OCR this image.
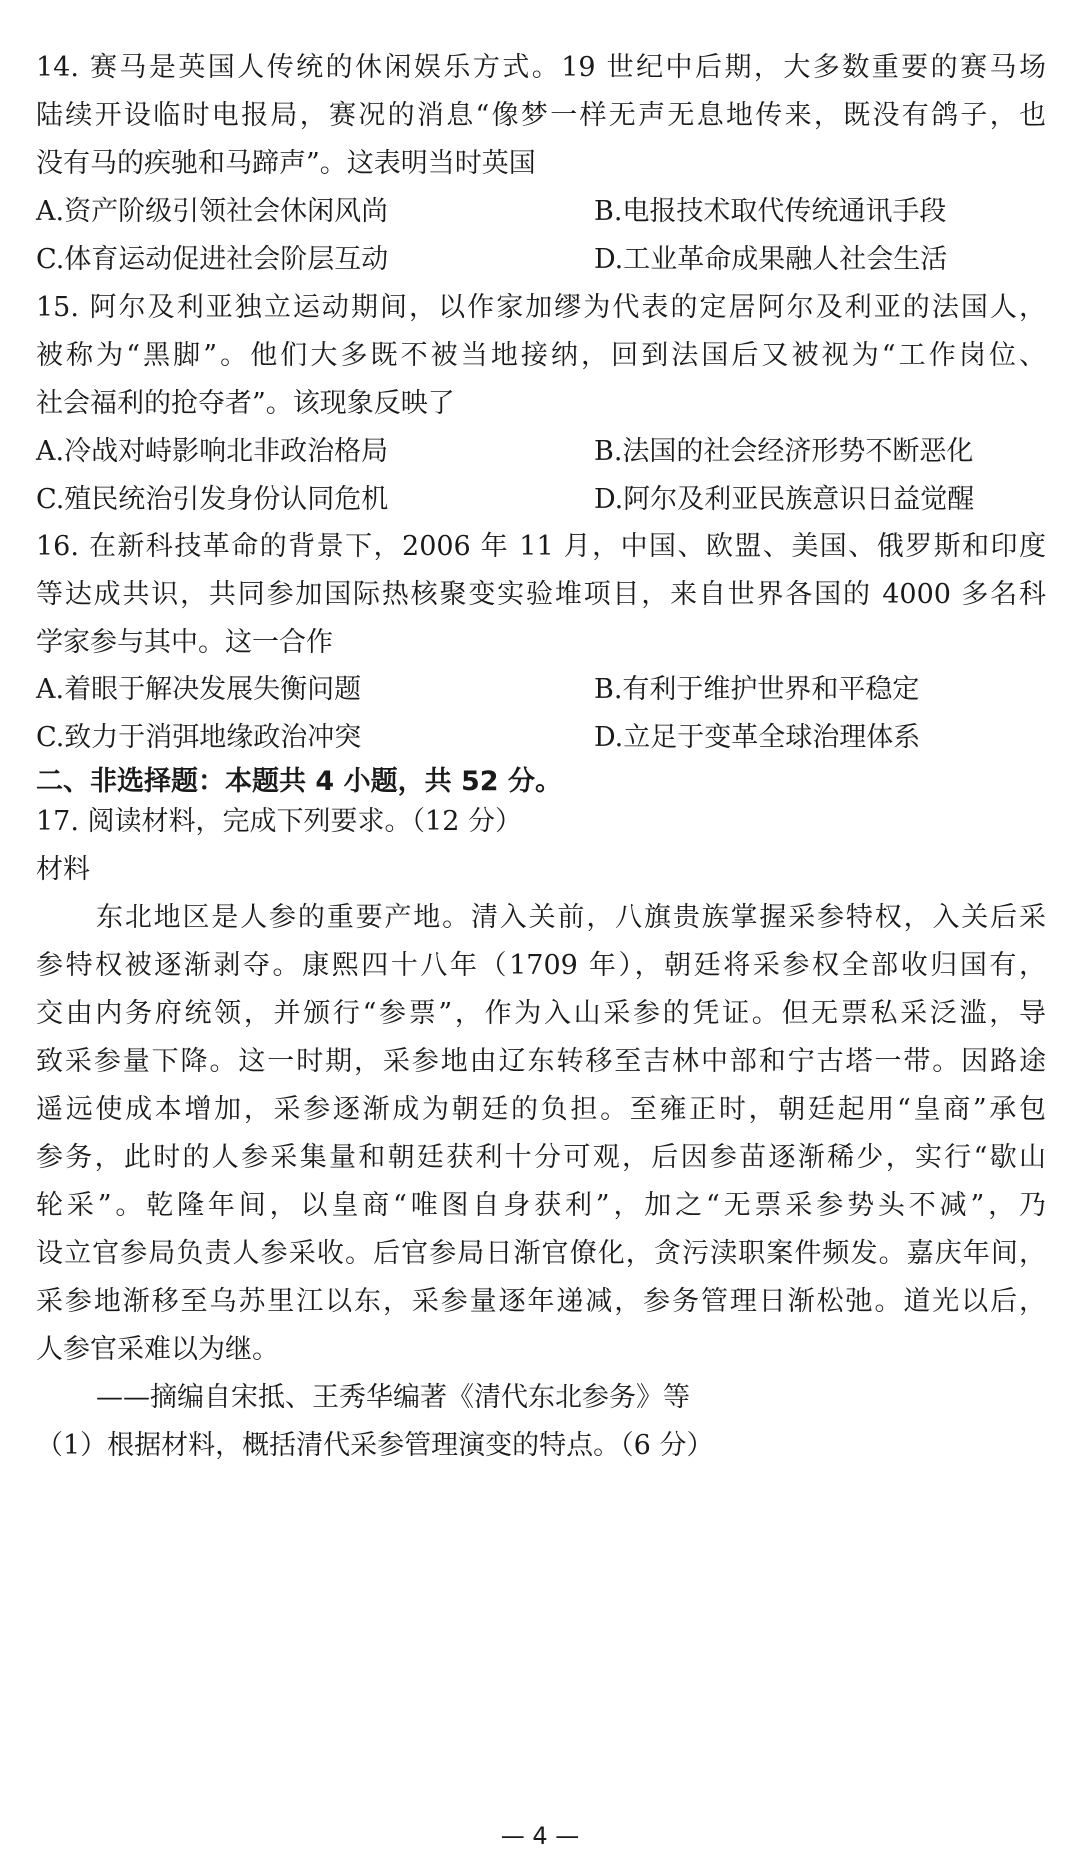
14. 赛马是英国人传统的休闲娱乐方式。19 世纪中后期，大多数重要的赛马场
陆续开设临时电报局，赛况的消息“像梦一样无声无息地传来，既没有鸽子，也
没有马的疾驰和马蹄声”。这表明当时英国
A.资产阶级引领社会休闲风尚	B.电报技术取代传统通讯手段
C.体育运动促进社会阶层互动	D.工业革命成果融人社会生活
15. 阿尔及利亚独立运动期间，以作家加缪为代表的定居阿尔及利亚的法国人，
被称为“黑脚”。他们大多既不被当地接纳，回到法国后又被视为“工作岗位、
社会福利的抢夺者”。该现象反映了
A.冷战对峙影响北非政治格局	B.法国的社会经济形势不断恶化
C.殖民统治引发身份认同危机	D.阿尔及利亚民族意识日益觉醒
16. 在新科技革命的背景下，2006 年 11 月，中国、欧盟、美国、俄罗斯和印度
等达成共识，共同参加国际热核聚变实验堆项目，来自世界各国的 4000 多名科
学家参与其中。这一合作
A.着眼于解决发展失衡问题	B.有利于维护世界和平稳定
C.致力于消弭地缘政治冲突	D.立足于变革全球治理体系
二、非选择题：本题共 4 小题，共 52 分。
17. 阅读材料，完成下列要求。（12 分）
材料
东北地区是人参的重要产地。清入关前，八旗贵族掌握采参特权，入关后采
参特权被逐渐剥夺。康熙四十八年（1709 年），朝廷将采参权全部收归国有，
交由内务府统领，并颁行“参票”，作为入山采参的凭证。但无票私采泛滥，导
致采参量下降。这一时期，采参地由辽东转移至吉林中部和宁古塔一带。因路途
遥远使成本增加，采参逐渐成为朝廷的负担。至雍正时，朝廷起用“皇商”承包
参务，此时的人参采集量和朝廷获利十分可观，后因参苗逐渐稀少，实行“歇山
轮采”。乾隆年间，以皇商“唯图自身获利”，加之“无票采参势头不减”，乃
设立官参局负责人参采收。后官参局日渐官僚化，贪污渎职案件频发。嘉庆年间，
采参地渐移至乌苏里江以东，采参量逐年递减，参务管理日渐松弛。道光以后，
人参官采难以为继。
——摘编自宋抵、王秀华编著《清代东北参务》等
（1）根据材料，概括清代采参管理演变的特点。（6 分）
— 4 —
